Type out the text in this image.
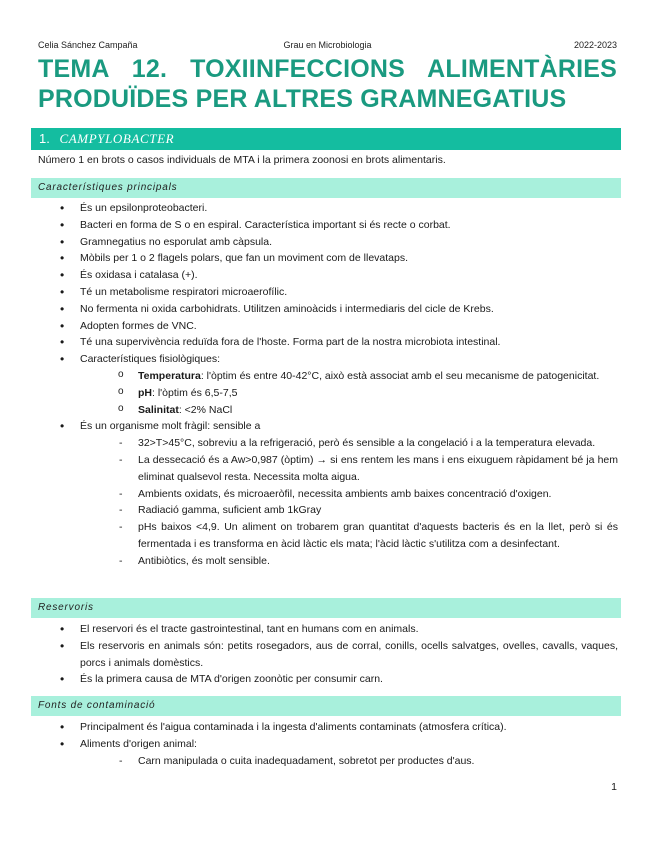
Celia Sánchez Campaña	Grau en Microbiologia	2022-2023
TEMA 12. TOXIINFECCIONS ALIMENTÀRIES
PRODUÏDES PER ALTRES GRAMNEGATIUS
1. CAMPYLOBACTER
Número 1 en brots o casos individuals de MTA i la primera zoonosi en brots alimentaris.
Característiques principals
• És un epsilonproteobacteri.
• Bacteri en forma de S o en espiral. Característica important si és recte o corbat.
• Gramnegatius no esporulat amb càpsula.
• Mòbils per 1 o 2 flagels polars, que fan un moviment com de llevataps.
• És oxidasa i catalasa (+).
• Té un metabolisme respiratori microaerofílic.
• No fermenta ni oxida carbohidrats. Utilitzen aminoàcids i intermediaris del cicle de Krebs.
• Adopten formes de VNC.
• Té una supervivència reduïda fora de l'hoste. Forma part de la nostra microbiota intestinal.
• Característiques fisiològiques:
o Temperatura: l'òptim és entre 40-42°C, això està associat amb el seu mecanisme de patogenicitat.
o pH: l'òptim és 6,5-7,5
o Salinitat: <2% NaCl
• És un organisme molt fràgil: sensible a
- 32>T>45°C, sobreviu a la refrigeració, però és sensible a la congelació i a la temperatura elevada.
- La dessecació és a Aw>0,987 (òptim) → si ens rentem les mans i ens eixuguem ràpidament bé ja hem eliminat qualsevol resta. Necessita molta aigua.
- Ambients oxidats, és microaeròfil, necessita ambients amb baixes concentració d'oxigen.
- Radiació gamma, suficient amb 1kGray
- pHs baixos <4,9. Un aliment on trobarem gran quantitat d'aquests bacteris és en la llet, però si és fermentada i es transforma en àcid làctic els mata; l'àcid làctic s'utilitza com a desinfectant.
- Antibiòtics, és molt sensible.
Reservoris
• El reservori és el tracte gastrointestinal, tant en humans com en animals.
• Els reservoris en animals són: petits rosegadors, aus de corral, conills, ocells salvatges, ovelles, cavalls, vaques, porcs i animals domèstics.
• És la primera causa de MTA d'origen zoonòtic per consumir carn.
Fonts de contaminació
• Principalment és l'aigua contaminada i la ingesta d'aliments contaminats (atmosfera crítica).
• Aliments d'origen animal:
- Carn manipulada o cuita inadequadament, sobretot per productes d'aus.
1
